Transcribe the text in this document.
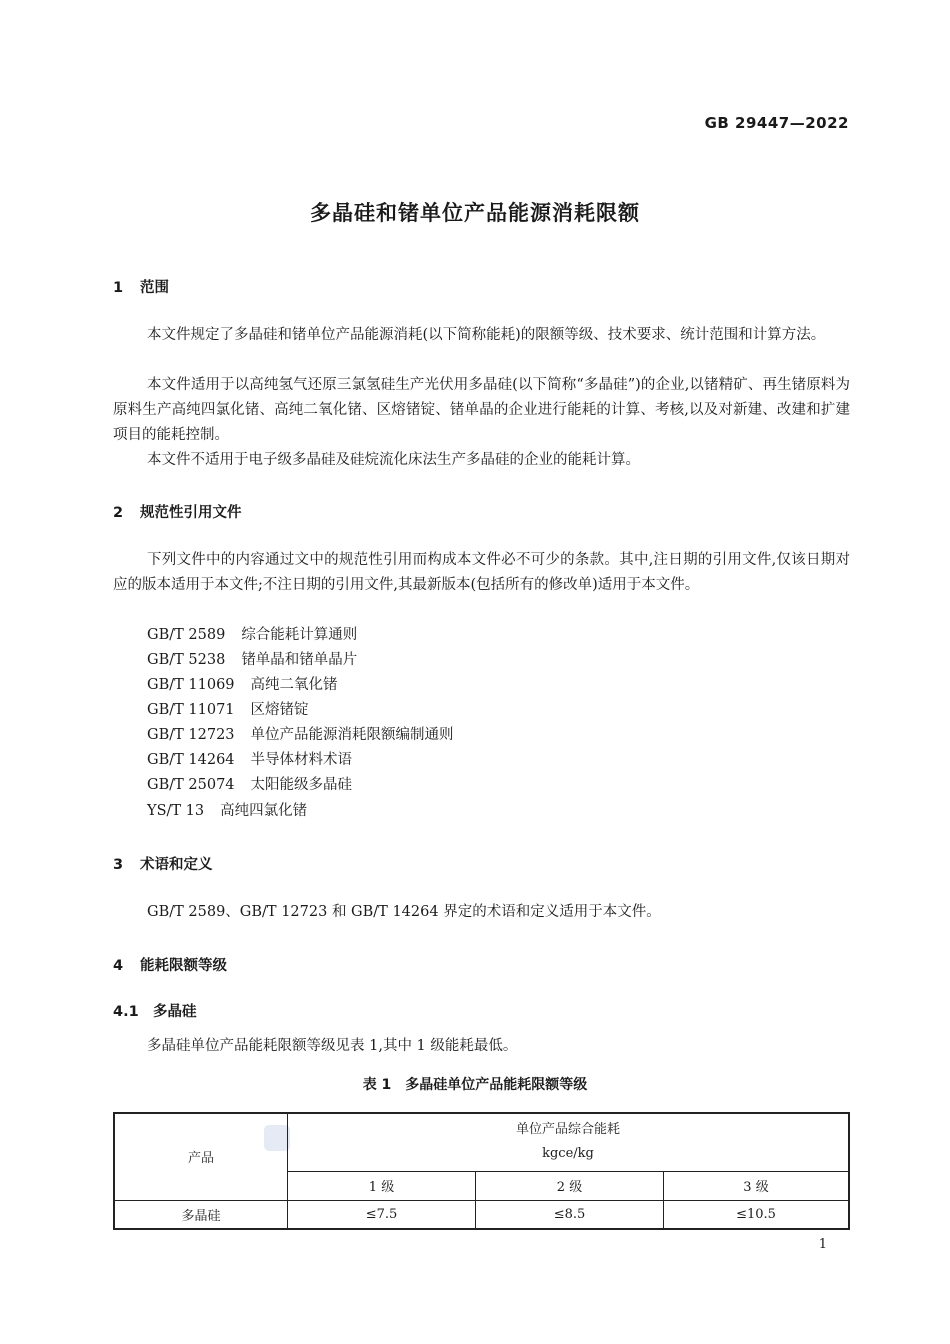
GB 29447—2022
多晶硅和锗单位产品能源消耗限额
1 范围

本文件规定了多晶硅和锗单位产品能源消耗(以下简称能耗)的限额等级、技术要求、统计范围和计算方法。

本文件适用于以高纯氢气还原三氯氢硅生产光伏用多晶硅(以下简称“多晶硅”)的企业,以锗精矿、再生锗原料为原料生产高纯四氯化锗、高纯二氧化锗、区熔锗锭、锗单晶的企业进行能耗的计算、考核,以及对新建、改建和扩建项目的能耗控制。

本文件不适用于电子级多晶硅及硅烷流化床法生产多晶硅的企业的能耗计算。

2 规范性引用文件

下列文件中的内容通过文中的规范性引用而构成本文件必不可少的条款。其中,注日期的引用文件,仅该日期对应的版本适用于本文件;不注日期的引用文件,其最新版本(包括所有的修改单)适用于本文件。

GB/T 2589 综合能耗计算通则
GB/T 5238 锗单晶和锗单晶片
GB/T 11069 高纯二氧化锗
GB/T 11071 区熔锗锭
GB/T 12723 单位产品能源消耗限额编制通则
GB/T 14264 半导体材料术语
GB/T 25074 太阳能级多晶硅
YS/T 13 高纯四氯化锗
3 术语和定义

GB/T 2589、GB/T 12723 和 GB/T 14264 界定的术语和定义适用于本文件。

4 能耗限额等级
4.1 多晶硅

多晶硅单位产品能耗限额等级见表 1,其中 1 级能耗最低。

表 1　多晶硅单位产品能耗限额等级
产品	单位产品综合能耗
kgce/kg		

	1 级	2 级	3 级
多晶硅	≤7.5	≤8.5	≤10.5
1
